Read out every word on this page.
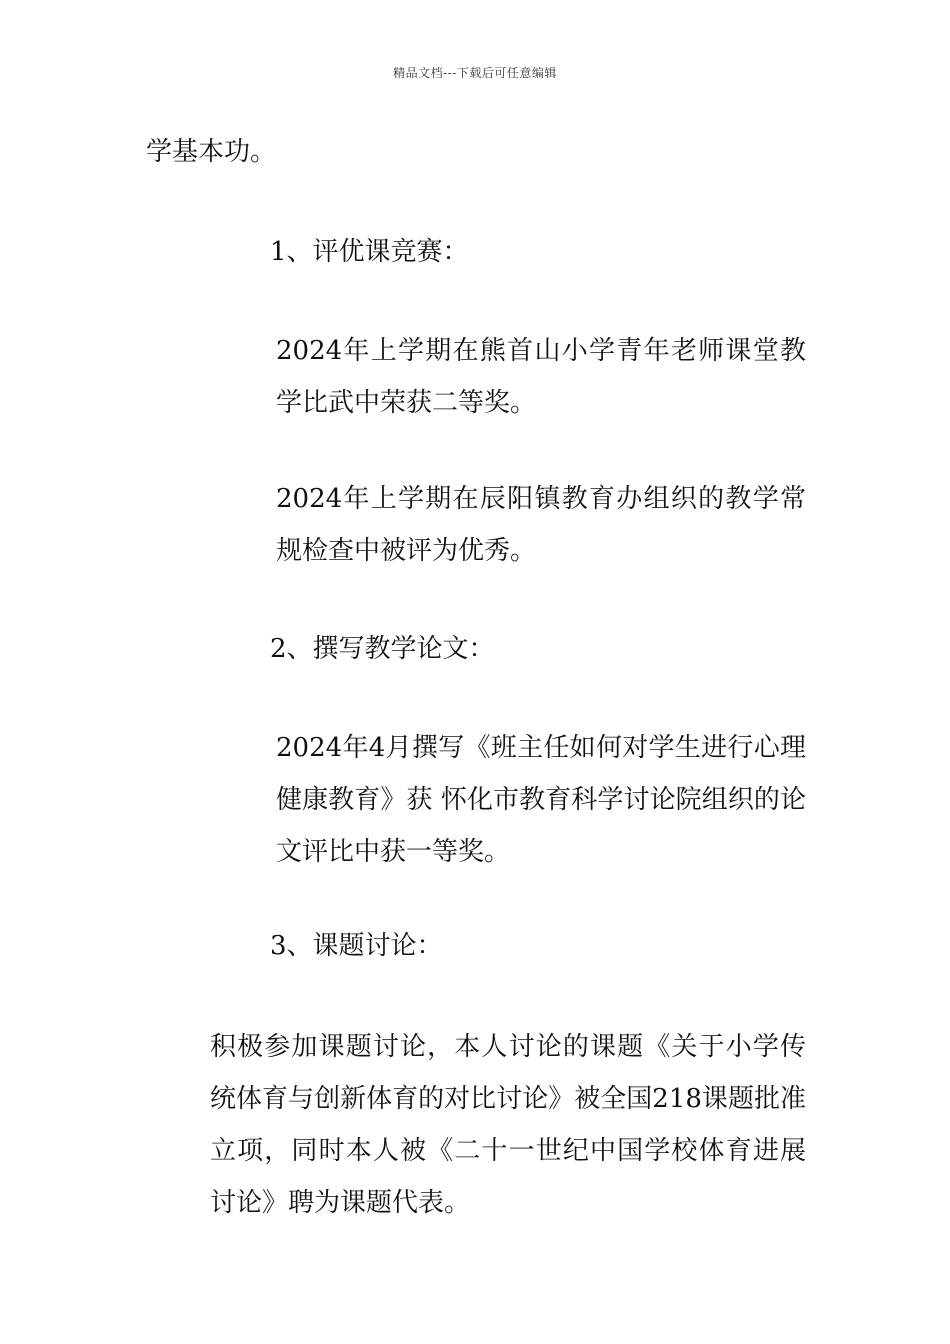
精品文档---下载后可任意编辑

学基本功。

1、评优课竞赛：

2024年上学期在熊首山小学青年老师课堂教学比武中荣获二等奖。

2024年上学期在辰阳镇教育办组织的教学常规检查中被评为优秀。

2、撰写教学论文：

2024年4月撰写《班主任如何对学生进行心理健康教育》获 怀化市教育科学讨论院组织的论文评比中获一等奖。

3、课题讨论：

积极参加课题讨论，本人讨论的课题《关于小学传统体育与创新体育的对比讨论》被全国218课题批准立项，同时本人被《二十一世纪中国学校体育进展讨论》聘为课题代表。
